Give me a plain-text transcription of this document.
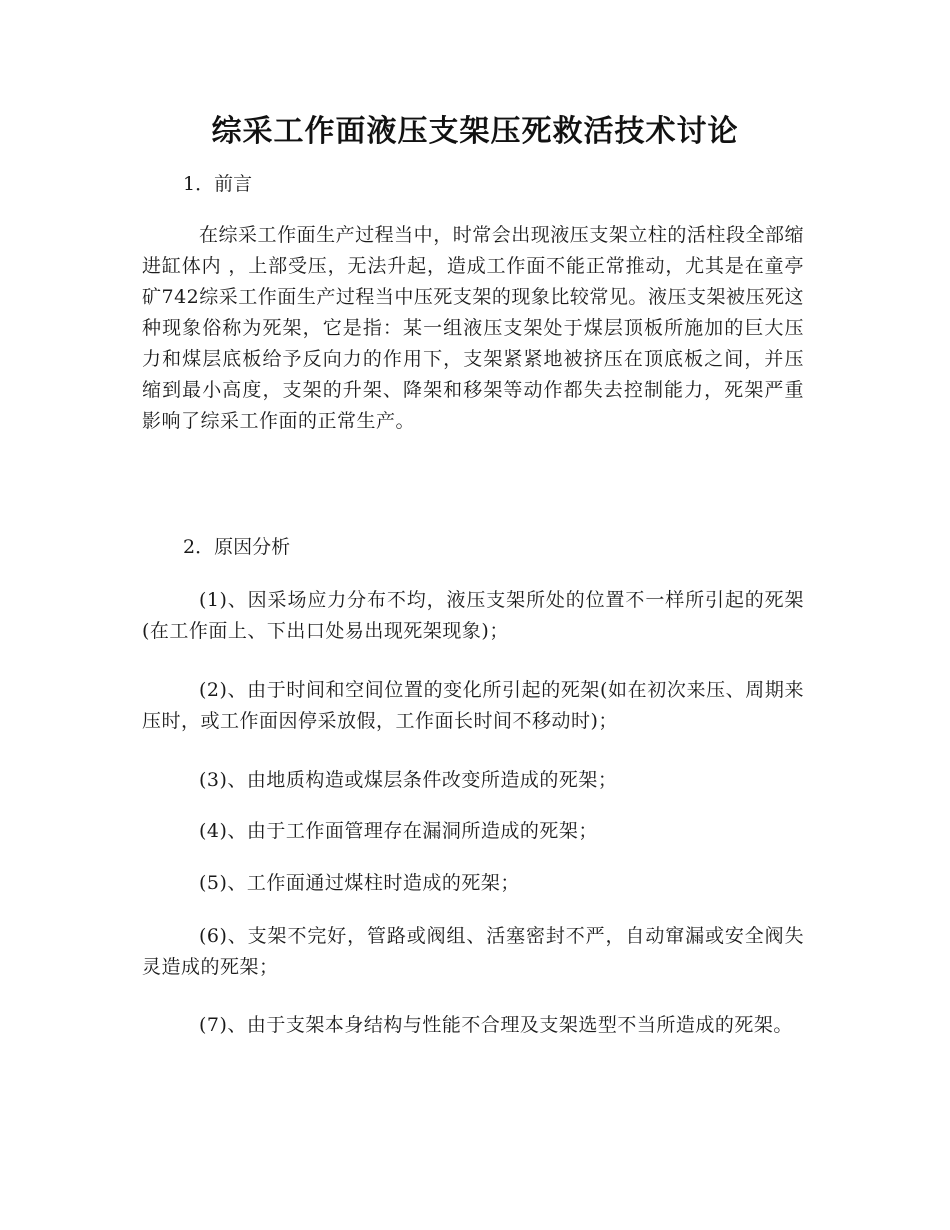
综采工作面液压支架压死救活技术讨论

1．前言

在综采工作面生产过程当中，时常会出现液压支架立柱的活柱段全部缩进缸体内 ，上部受压，无法升起，造成工作面不能正常推动，尤其是在童亭矿742综采工作面生产过程当中压死支架的现象比较常见。液压支架被压死这种现象俗称为死架，它是指：某一组液压支架处于煤层顶板所施加的巨大压力和煤层底板给予反向力的作用下，支架紧紧地被挤压在顶底板之间，并压缩到最小高度，支架的升架、降架和移架等动作都失去控制能力，死架严重影响了综采工作面的正常生产。

2．原因分析

(1)、因采场应力分布不均，液压支架所处的位置不一样所引起的死架(在工作面上、下出口处易出现死架现象)；

(2)、由于时间和空间位置的变化所引起的死架(如在初次来压、周期来压时，或工作面因停采放假，工作面长时间不移动时)；

(3)、由地质构造或煤层条件改变所造成的死架；

(4)、由于工作面管理存在漏洞所造成的死架；

(5)、工作面通过煤柱时造成的死架；

(6)、支架不完好，管路或阀组、活塞密封不严，自动窜漏或安全阀失灵造成的死架；

(7)、由于支架本身结构与性能不合理及支架选型不当所造成的死架。
